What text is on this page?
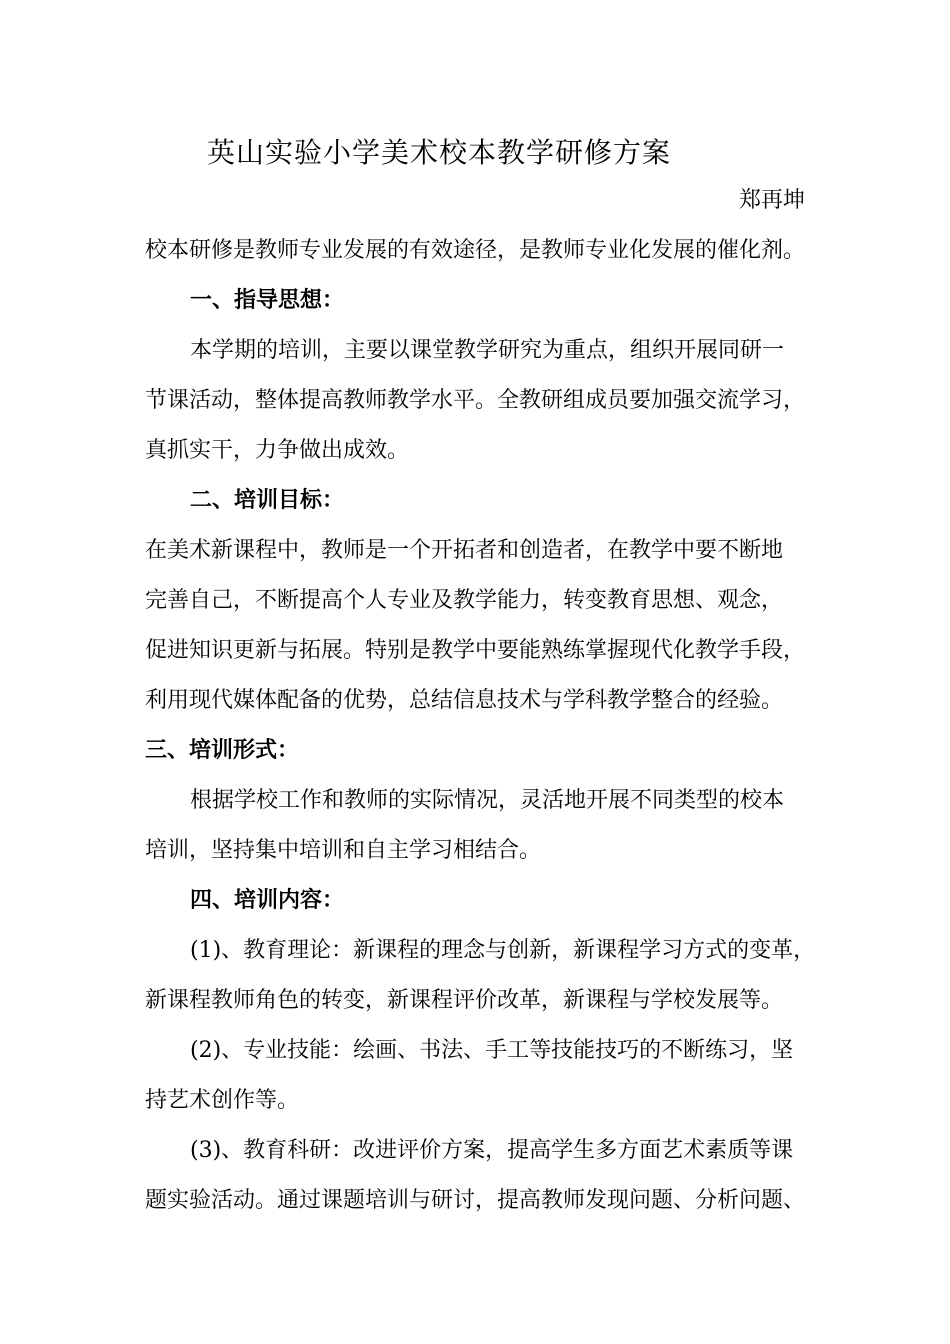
英山实验小学美术校本教学研修方案
郑再坤
校本研修是教师专业发展的有效途径，是教师专业化发展的催化剂。
一、指导思想：
本学期的培训，主要以课堂教学研究为重点，组织开展同研一
节课活动，整体提高教师教学水平。全教研组成员要加强交流学习，
真抓实干，力争做出成效。
二、培训目标：
在美术新课程中，教师是一个开拓者和创造者，在教学中要不断地
完善自己，不断提高个人专业及教学能力，转变教育思想、观念，
促进知识更新与拓展。特别是教学中要能熟练掌握现代化教学手段，
利用现代媒体配备的优势，总结信息技术与学科教学整合的经验。
三、培训形式：
根据学校工作和教师的实际情况，灵活地开展不同类型的校本
培训，坚持集中培训和自主学习相结合。
四、培训内容：
(1)、教育理论：新课程的理念与创新，新课程学习方式的变革，
新课程教师角色的转变，新课程评价改革，新课程与学校发展等。
(2)、专业技能：绘画、书法、手工等技能技巧的不断练习，坚
持艺术创作等。
(3)、教育科研：改进评价方案，提高学生多方面艺术素质等课
题实验活动。通过课题培训与研讨，提高教师发现问题、分析问题、
